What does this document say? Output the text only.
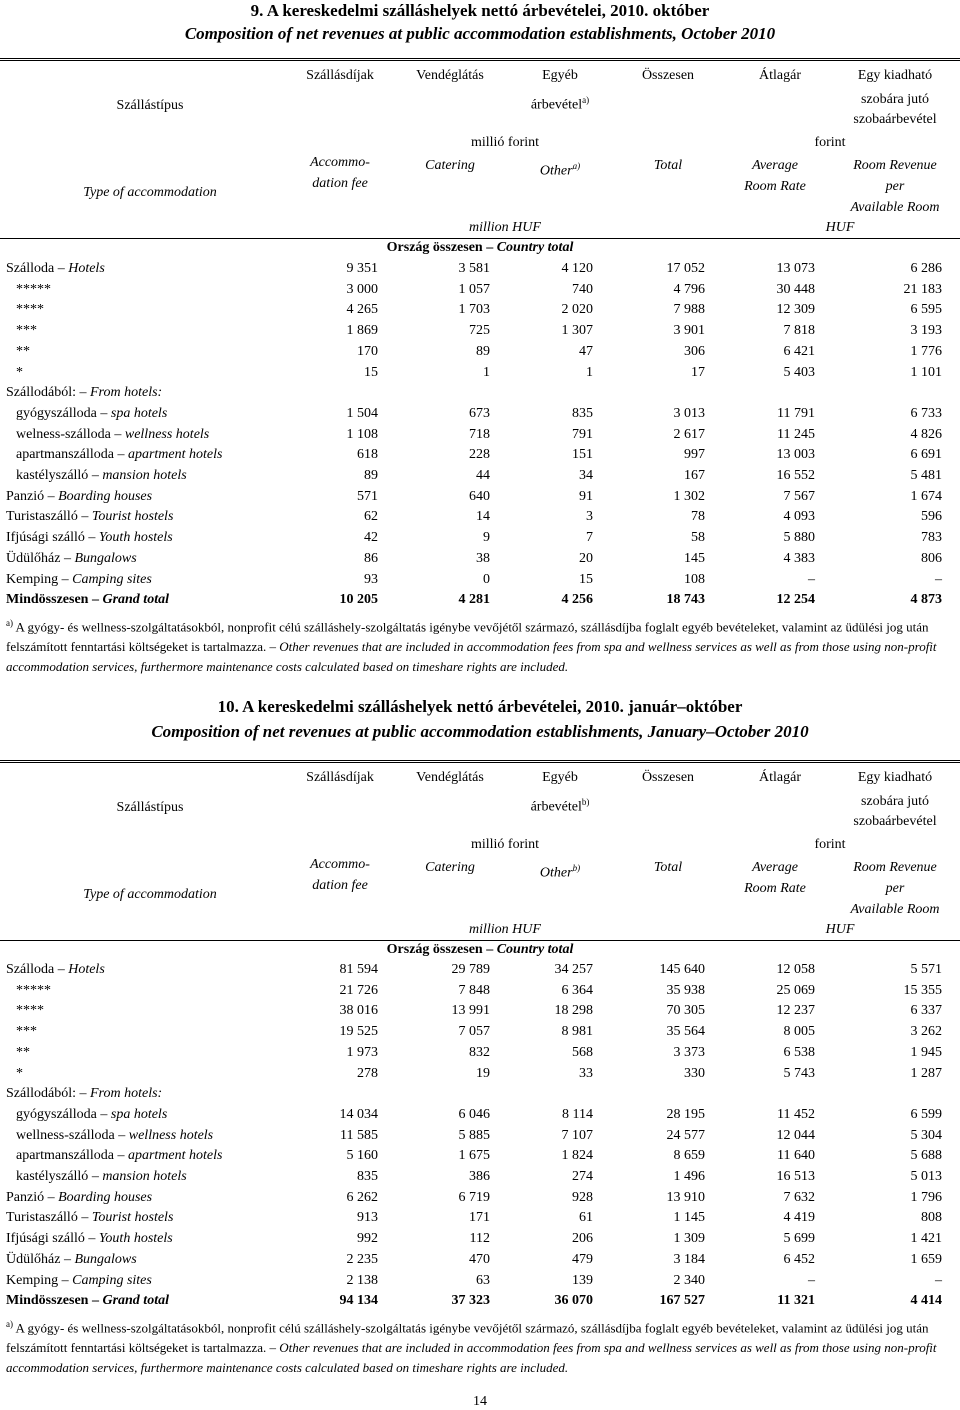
9. A kereskedelmi szálláshelyek nettó árbevételei, 2010. október
Composition of net revenues at public accommodation establishments, October 2010
Szállástípus
Type of accommodation
Szállásdíjak
Accommo-
dation fee
Vendéglátás
Catering
Egyéb
árbevétel$^{a)}$
Other$^{a)}$
Összesen
Total
Átlagár
Average
Room Rate
Egy kiadható
szobára jutó
szobaárbevétel
Room Revenue
per
Available Room
millió forint	forint
million HUF	HUF
Ország összesen – Country total
Szálloda – Hotels	9 351	3 581	4 120	17 052	13 073	6 286
*****	3 000	1 057	740	4 796	30 448	21 183
****	4 265	1 703	2 020	7 988	12 309	6 595
***	1 869	725	1 307	3 901	7 818	3 193
**	170	89	47	306	6 421	1 776
*	15	1	1	17	5 403	1 101
Szállodából: – From hotels:
gyógyszálloda – spa hotels	1 504	673	835	3 013	11 791	6 733
welness-szálloda – wellness hotels	1 108	718	791	2 617	11 245	4 826
apartmanszálloda – apartment hotels	618	228	151	997	13 003	6 691
kastélyszálló – mansion hotels	89	44	34	167	16 552	5 481
Panzió – Boarding houses	571	640	91	1 302	7 567	1 674
Turistaszálló – Tourist hostels	62	14	3	78	4 093	596
Ifjúsági szálló – Youth hostels	42	9	7	58	5 880	783
Üdülőház – Bungalows	86	38	20	145	4 383	806
Kemping – Camping sites	93	0	15	108	–	–
Mindösszesen – Grand total	10 205	4 281	4 256	18 743	12 254	4 873
$^{a)}$ A gyógy- és wellness-szolgáltatásokból, nonprofit célú szálláshely-szolgáltatás igénybe vevőjétől származó, szállásdíjba foglalt egyéb bevételeket, valamint az üdülési jog után felszámított fenntartási költségeket is tartalmazza. – Other revenues that are included in accommodation fees from spa and wellness services as well as from those using non-profit accommodation services, furthermore maintenance costs calculated based on timeshare rights are included.
10. A kereskedelmi szálláshelyek nettó árbevételei, 2010. január–október
Composition of net revenues at public accommodation establishments, January–October 2010
Szállástípus
Type of accommodation
Szállásdíjak
Accommo-
dation fee
Vendéglátás
Catering
Egyéb
árbevétel$^{b)}$
Other$^{b)}$
Összesen
Total
Átlagár
Average
Room Rate
Egy kiadható
szobára jutó
szobaárbevétel
Room Revenue
per
Available Room
millió forint	forint
million HUF	HUF
Ország összesen – Country total
Szálloda – Hotels	81 594	29 789	34 257	145 640	12 058	5 571
*****	21 726	7 848	6 364	35 938	25 069	15 355
****	38 016	13 991	18 298	70 305	12 237	6 337
***	19 525	7 057	8 981	35 564	8 005	3 262
**	1 973	832	568	3 373	6 538	1 945
*	278	19	33	330	5 743	1 287
Szállodából: – From hotels:
gyógyszálloda – spa hotels	14 034	6 046	8 114	28 195	11 452	6 599
wellness-szálloda – wellness hotels	11 585	5 885	7 107	24 577	12 044	5 304
apartmanszálloda – apartment hotels	5 160	1 675	1 824	8 659	11 640	5 688
kastélyszálló – mansion hotels	835	386	274	1 496	16 513	5 013
Panzió – Boarding houses	6 262	6 719	928	13 910	7 632	1 796
Turistaszálló – Tourist hostels	913	171	61	1 145	4 419	808
Ifjúsági szálló – Youth hostels	992	112	206	1 309	5 699	1 421
Üdülőház – Bungalows	2 235	470	479	3 184	6 452	1 659
Kemping – Camping sites	2 138	63	139	2 340	–	–
Mindösszesen – Grand total	94 134	37 323	36 070	167 527	11 321	4 414
$^{a)}$ A gyógy- és wellness-szolgáltatásokból, nonprofit célú szálláshely-szolgáltatás igénybe vevőjétől származó, szállásdíjba foglalt egyéb bevételeket, valamint az üdülési jog után felszámított fenntartási költségeket is tartalmazza. – Other revenues that are included in accommodation fees from spa and wellness services as well as from those using non-profit accommodation services, furthermore maintenance costs calculated based on timeshare rights are included.
14
